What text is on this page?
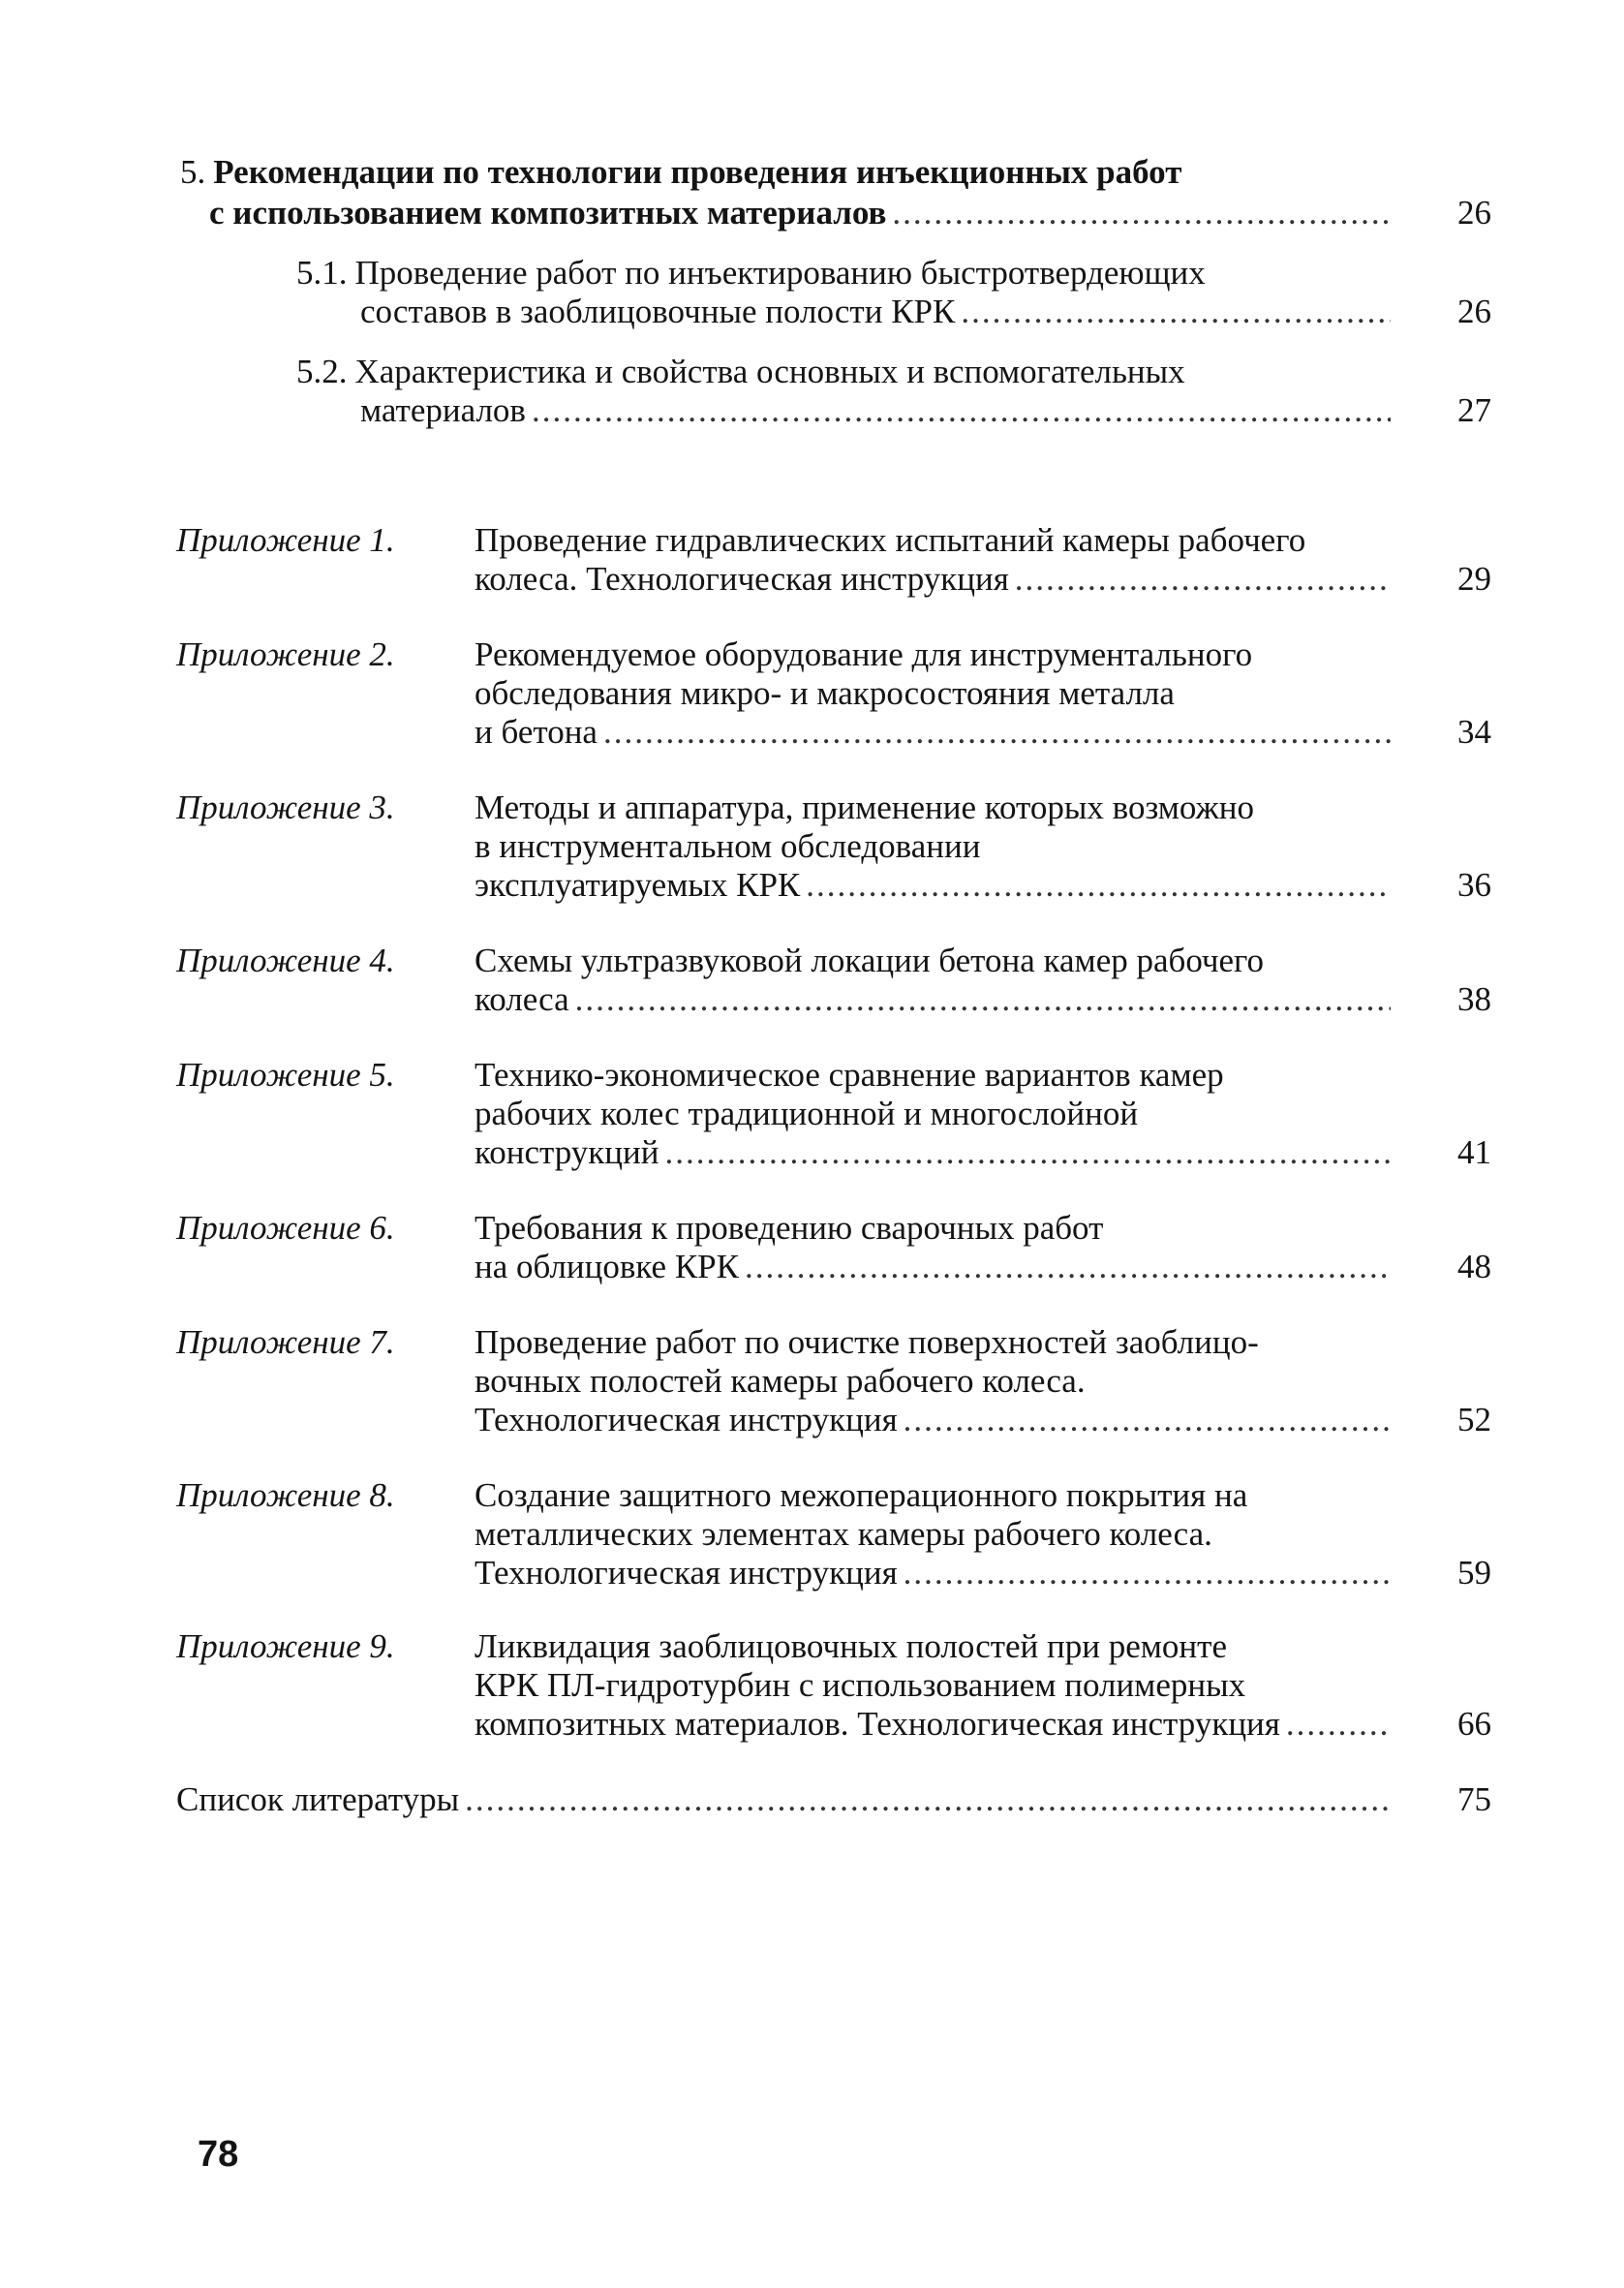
5. Рекомендации по технологии проведения инъекционных работ
с использованием композитных материалов .....	26
5.1. Проведение работ по инъектированию быстротвердеющих
составов в заоблицовочные полости КРК .....	26
5.2. Характеристика и свойства основных и вспомогательных
материалов .....	27
Приложение 1. Проведение гидравлических испытаний камеры рабочего
колеса. Технологическая инструкция .....	29
Приложение 2. Рекомендуемое оборудование для инструментального
обследования микро- и макросостояния металла
и бетона .....	34
Приложение 3. Методы и аппаратура, применение которых возможно
в инструментальном обследовании
эксплуатируемых КРК .....	36
Приложение 4. Схемы ультразвуковой локации бетона камер рабочего
колеса .....	38
Приложение 5. Технико-экономическое сравнение вариантов камер
рабочих колес традиционной и многослойной
конструкций .....	41
Приложение 6. Требования к проведению сварочных работ
на облицовке КРК .....	48
Приложение 7. Проведение работ по очистке поверхностей заоблицо-
вочных полостей камеры рабочего колеса.
Технологическая инструкция .....	52
Приложение 8. Создание защитного межоперационного покрытия на
металлических элементах камеры рабочего колеса.
Технологическая инструкция .....	59
Приложение 9. Ликвидация заоблицовочных полостей при ремонте
КРК ПЛ-гидротурбин с использованием полимерных
композитных материалов. Технологическая инструкция .....	66
Список литературы .....	75
78
